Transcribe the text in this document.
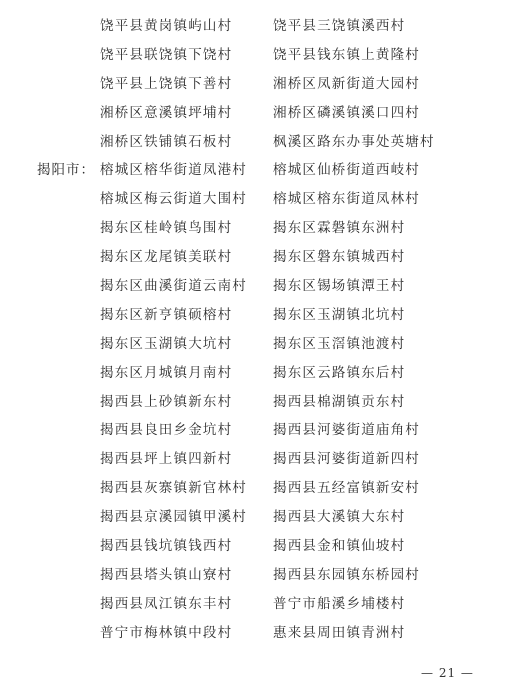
饶平县黄岗镇屿山村	饶平县三饶镇溪西村
饶平县联饶镇下饶村	饶平县钱东镇上黄隆村
饶平县上饶镇下善村	湘桥区凤新街道大园村
湘桥区意溪镇坪埔村	湘桥区磷溪镇溪口四村
湘桥区铁铺镇石板村	枫溪区路东办事处英塘村
揭阳市： 榕城区榕华街道凤港村 榕城区仙桥街道西岐村
榕城区梅云街道大围村 榕城区榕东街道凤林村
揭东区桂岭镇鸟围村	揭东区霖磐镇东洲村
揭东区龙尾镇美联村	揭东区磐东镇城西村
揭东区曲溪街道云南村 揭东区锡场镇潭王村
揭东区新亨镇硕榕村	揭东区玉湖镇北坑村
揭东区玉湖镇大坑村	揭东区玉滘镇池渡村
揭东区月城镇月南村	揭东区云路镇东后村
揭西县上砂镇新东村	揭西县棉湖镇贡东村
揭西县良田乡金坑村	揭西县河婆街道庙角村
揭西县坪上镇四新村	揭西县河婆街道新四村
揭西县灰寨镇新官林村 揭西县五经富镇新安村
揭西县京溪园镇甲溪村 揭西县大溪镇大东村
揭西县钱坑镇钱西村	揭西县金和镇仙坡村
揭西县塔头镇山寮村	揭西县东园镇东桥园村
揭西县凤江镇东丰村	普宁市船溪乡埔楼村
普宁市梅林镇中段村	惠来县周田镇青洲村
— 21 —
